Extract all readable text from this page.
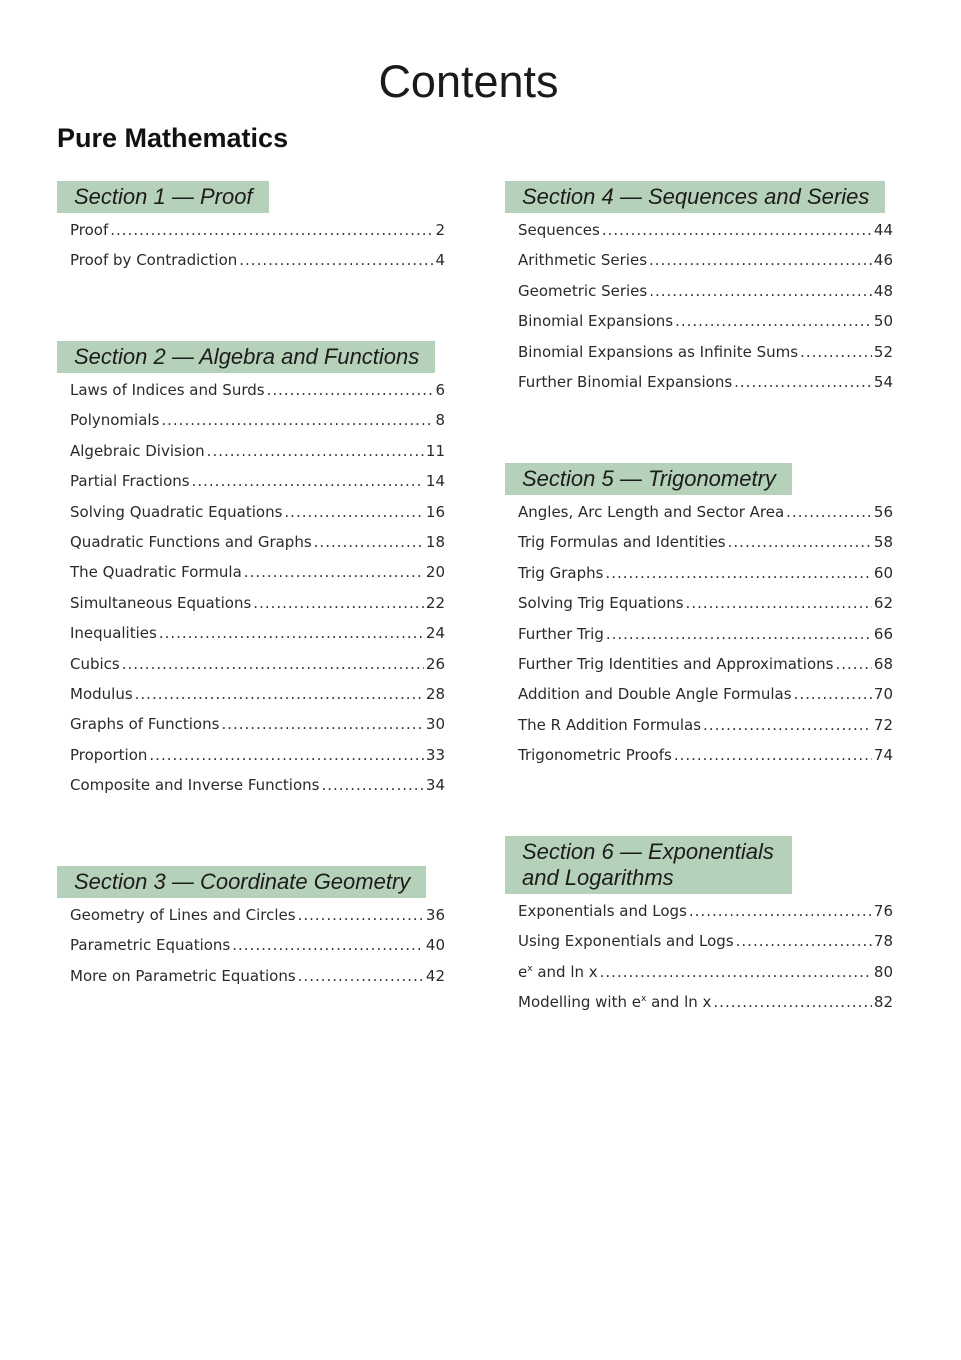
Contents
Pure Mathematics
Section 1 — Proof
Proof .....	2
Proof by Contradiction .....	4
Section 2 — Algebra and Functions
Laws of Indices and Surds .....	6
Polynomials .....	8
Algebraic Division .....	11
Partial Fractions .....	14
Solving Quadratic Equations .....	16
Quadratic Functions and Graphs .....	18
The Quadratic Formula .....	20
Simultaneous Equations .....	22
Inequalities .....	24
Cubics .....	26
Modulus .....	28
Graphs of Functions .....	30
Proportion .....	33
Composite and Inverse Functions .....	34
Section 3 — Coordinate Geometry
Geometry of Lines and Circles .....	36
Parametric Equations .....	40
More on Parametric Equations .....	42
Section 4 — Sequences and Series
Sequences .....	44
Arithmetic Series .....	46
Geometric Series .....	48
Binomial Expansions .....	50
Binomial Expansions as Infinite Sums .....	52
Further Binomial Expansions .....	54
Section 5 — Trigonometry
Angles, Arc Length and Sector Area .....	56
Trig Formulas and Identities .....	58
Trig Graphs .....	60
Solving Trig Equations .....	62
Further Trig .....	66
Further Trig Identities and Approximations .....	68
Addition and Double Angle Formulas .....	70
The R Addition Formulas .....	72
Trigonometric Proofs .....	74
Section 6 — Exponentials
and Logarithms
Exponentials and Logs .....	76
Using Exponentials and Logs .....	78
$e^x$ and ln x .....	80
Modelling with $e^x$ and ln x .....	82
